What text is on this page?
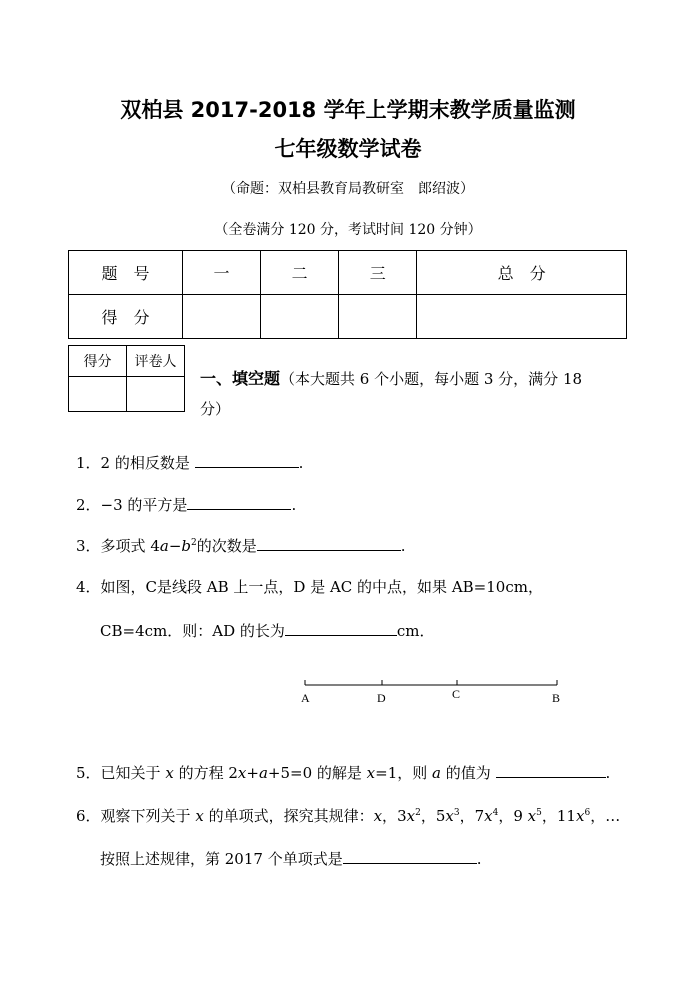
双柏县 2017-2018 学年上学期末教学质量监测
七年级数学试卷
（命题：双柏县教育局教研室　郎绍波）
（全卷满分 120 分，考试时间 120 分钟）
题　号	一	二	三	总　分
得　分				
得分	评卷人

一、填空题（本大题共 6 个小题，每小题 3 分，满分 18
分）
1．2 的相反数是	.
2．−3 的平方是	.
3．多项式 $4a-b^2$的次数是	.
4．如图，C是线段 AB 上一点，D 是 AC 的中点，如果 AB=10cm，
CB=4cm．则：AD 的长为	cm．
A	D	C	B
5．已知关于 x 的方程 2x+a+5=0 的解是 x=1，则 a 的值为	.
6．观察下列关于 x 的单项式，探究其规律：x，$3x^2$，$5x^3$，$7x^4$，9 $x^5$，$11x^6$，…
按照上述规律，第 2017 个单项式是	.
